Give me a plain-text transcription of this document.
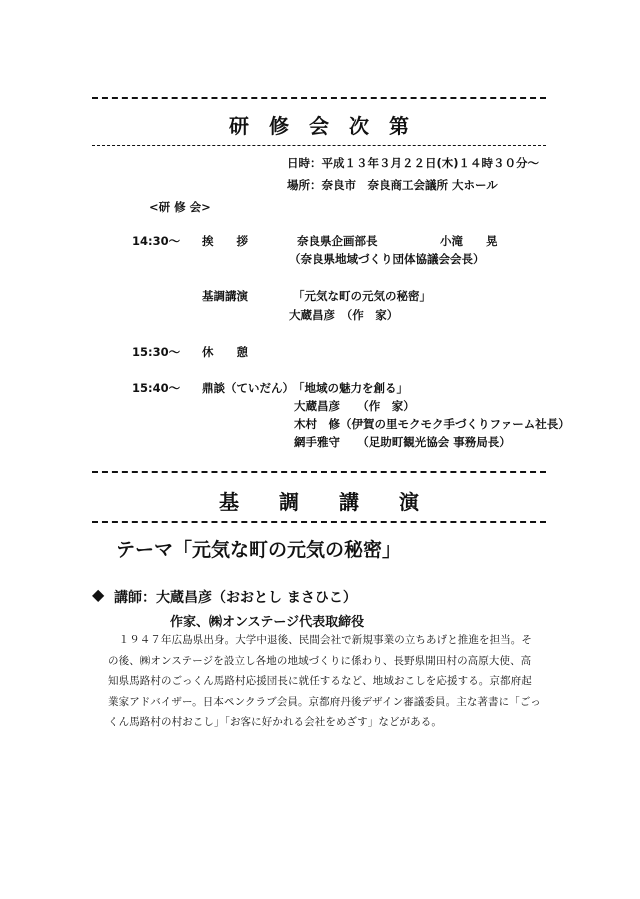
研　修　会　次　第
日時：平成１３年３月２２日(木)１４時３０分～
場所：奈良市　奈良商工会議所 大ホール
<研 修 会>
14:30～ 挨　　拶	奈良県企画部長	小滝　　晃
（奈良県地域づくり団体協議会会長）
基調講演	「元気な町の元気の秘密」
大蔵昌彦　（作　家）
15:30～ 休　　憩
15:40～ 鼎談（ていだん） 「地域の魅力を創る」
大蔵昌彦　　（作　家）
木村　修（伊賀の里モクモク手づくりファーム社長）
網手雅守　　（足助町観光協会 事務局長）
基　　調　　講　　演
テーマ「元気な町の元気の秘密」
◆ 講師：大蔵昌彦（おおとし まさひこ）
作家、㈱オンステージ代表取締役
　１９４７年広島県出身。大学中退後、民間会社で新規事業の立ちあげと推進を担当。そ
の後、㈱オンステージを設立し各地の地域づくりに係わり、長野県開田村の高原大使、高
知県馬路村のごっくん馬路村応援団長に就任するなど、地域おこしを応援する。京都府起
業家アドバイザー。日本ペンクラブ会員。京都府丹後デザイン審議委員。主な著書に「ごっ
くん馬路村の村おこし」「お客に好かれる会社をめざす」などがある。
